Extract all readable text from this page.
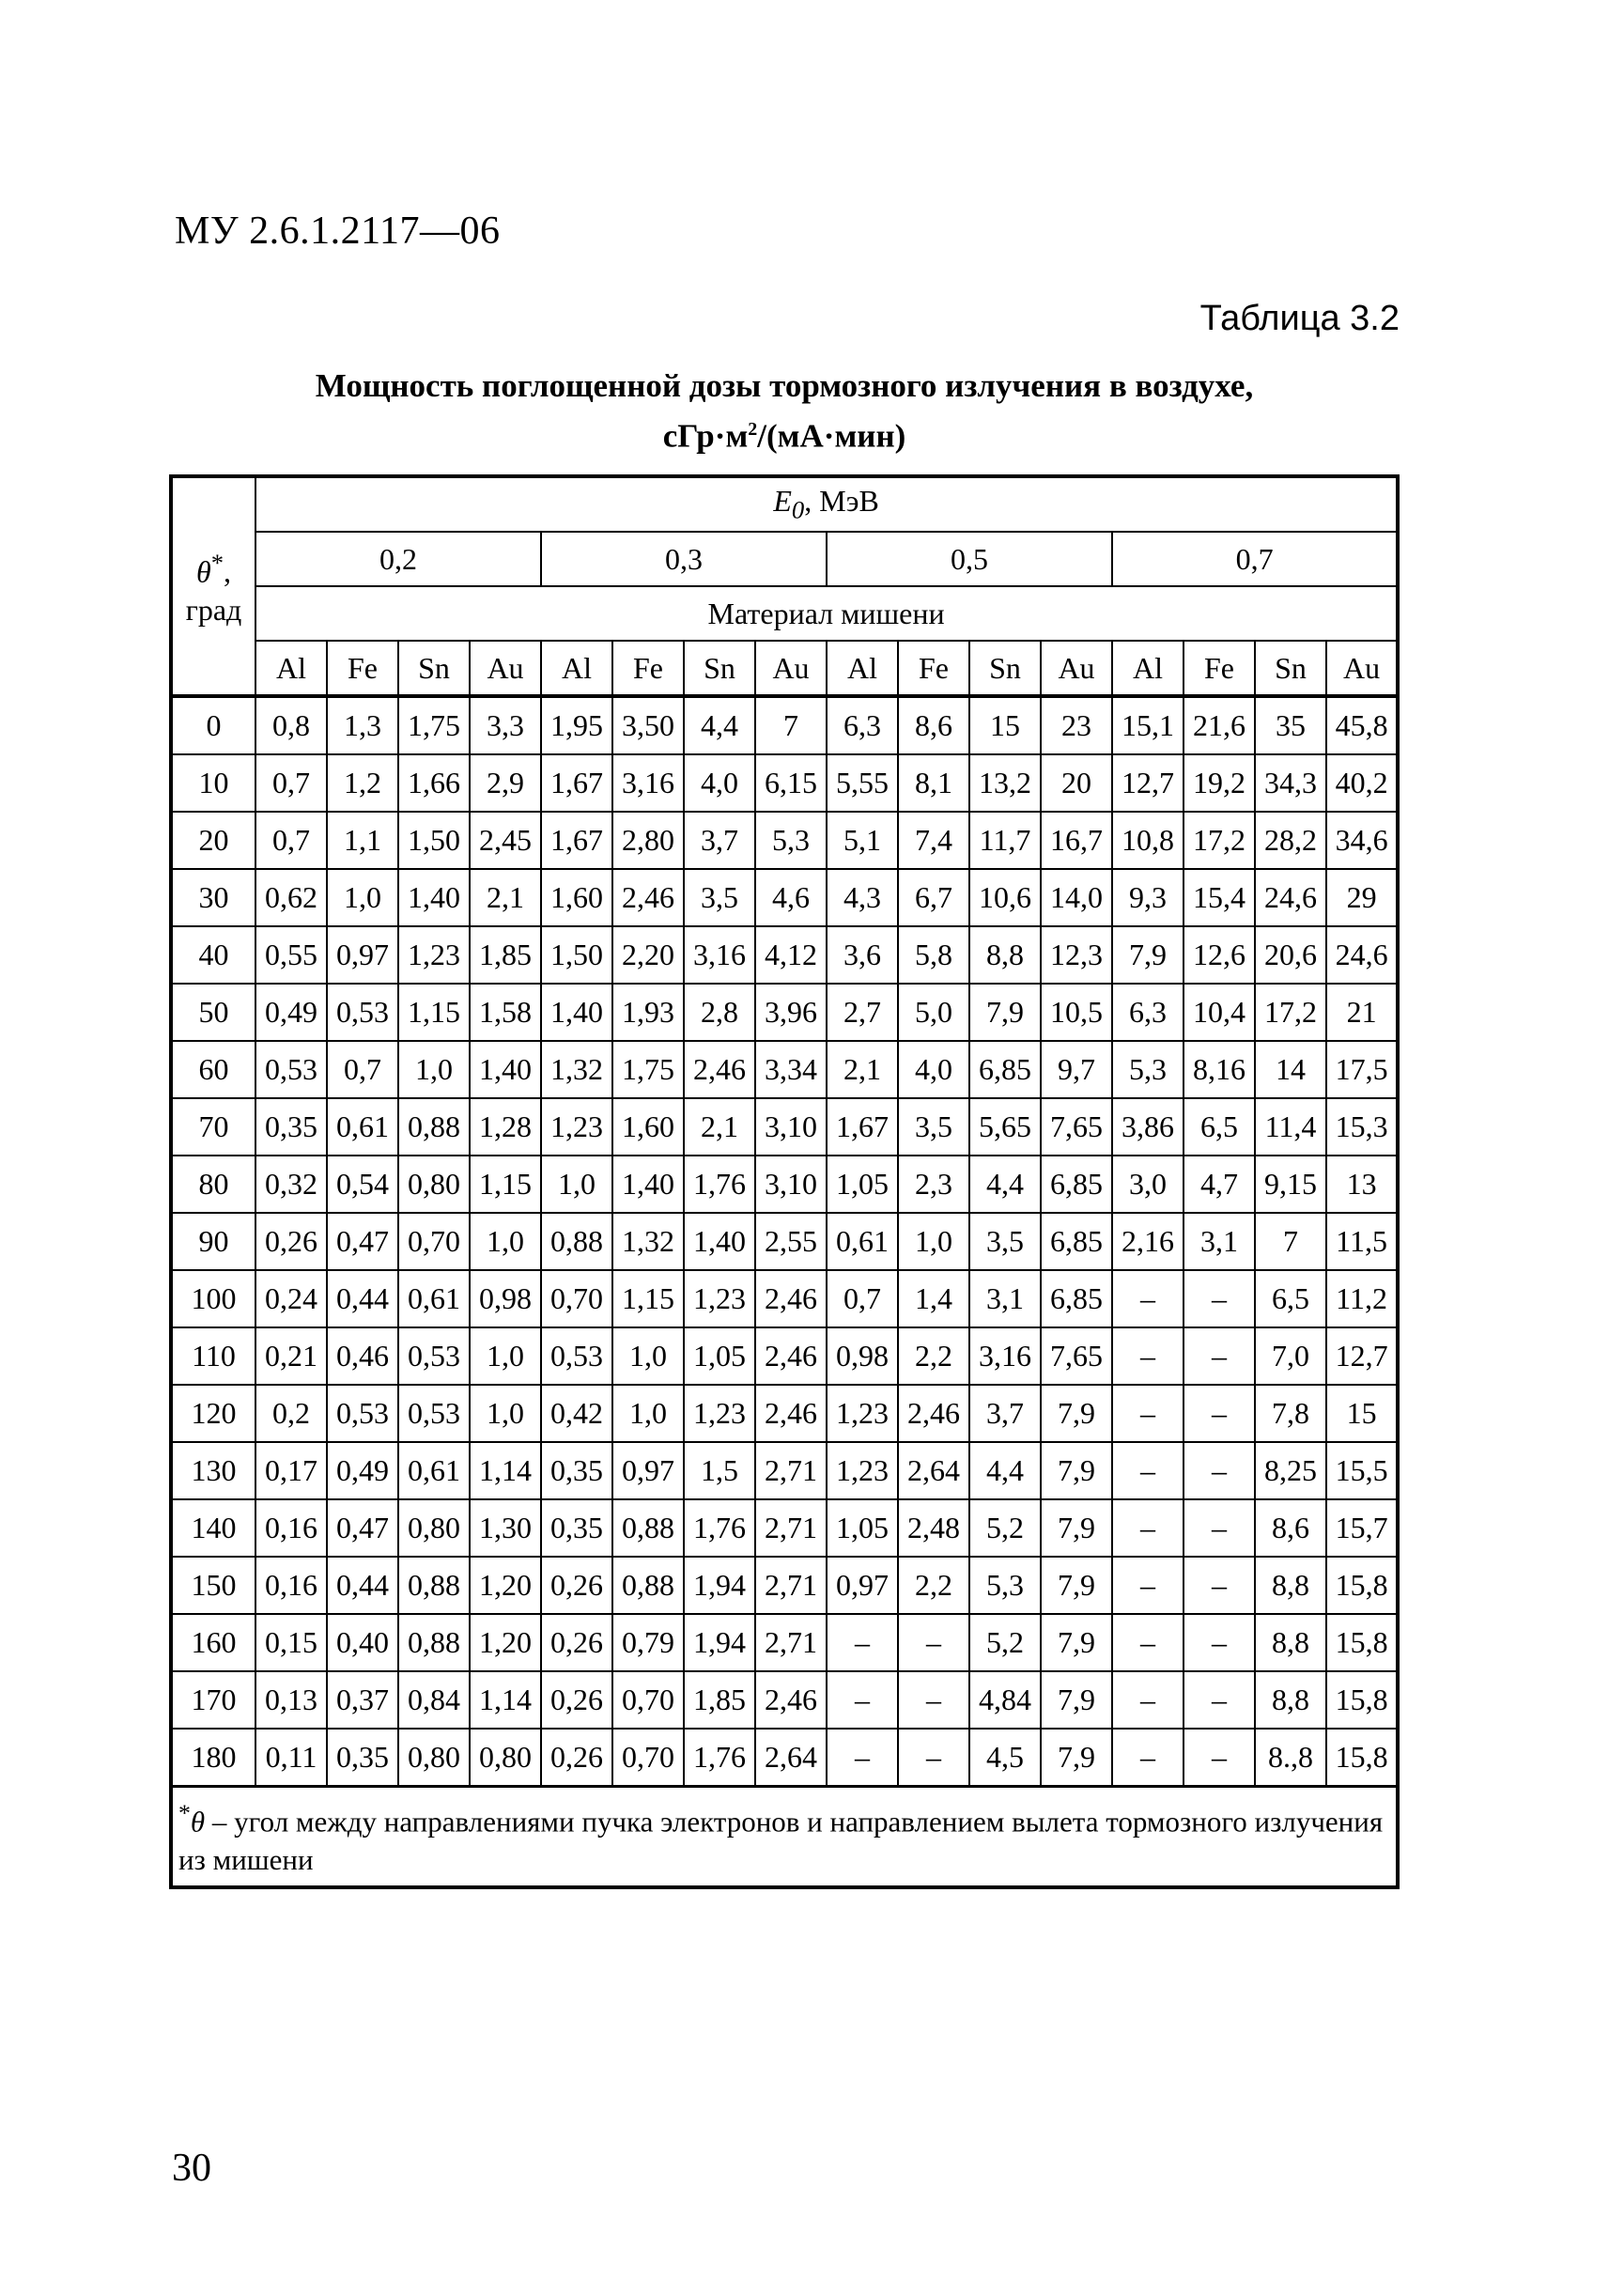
МУ 2.6.1.2117—06
Таблица 3.2
Мощность поглощенной дозы тормозного излучения в воздухе,
$сГр\cdot м^2/(мА\cdot мин)$
θ*,
град	$E_0$, МэВ															
	0,2				0,3				0,5				0,7			
	Материал мишени															
	Al	Fe	Sn	Au	Al	Fe	Sn	Au	Al	Fe	Sn	Au	Al	Fe	Sn	Au
0	0,8	1,3	1,75	3,3	1,95	3,50	4,4	7	6,3	8,6	15	23	15,1	21,6	35	45,8
10	0,7	1,2	1,66	2,9	1,67	3,16	4,0	6,15	5,55	8,1	13,2	20	12,7	19,2	34,3	40,2
20	0,7	1,1	1,50	2,45	1,67	2,80	3,7	5,3	5,1	7,4	11,7	16,7	10,8	17,2	28,2	34,6
30	0,62	1,0	1,40	2,1	1,60	2,46	3,5	4,6	4,3	6,7	10,6	14,0	9,3	15,4	24,6	29
40	0,55	0,97	1,23	1,85	1,50	2,20	3,16	4,12	3,6	5,8	8,8	12,3	7,9	12,6	20,6	24,6
50	0,49	0,53	1,15	1,58	1,40	1,93	2,8	3,96	2,7	5,0	7,9	10,5	6,3	10,4	17,2	21
60	0,53	0,7	1,0	1,40	1,32	1,75	2,46	3,34	2,1	4,0	6,85	9,7	5,3	8,16	14	17,5
70	0,35	0,61	0,88	1,28	1,23	1,60	2,1	3,10	1,67	3,5	5,65	7,65	3,86	6,5	11,4	15,3
80	0,32	0,54	0,80	1,15	1,0	1,40	1,76	3,10	1,05	2,3	4,4	6,85	3,0	4,7	9,15	13
90	0,26	0,47	0,70	1,0	0,88	1,32	1,40	2,55	0,61	1,0	3,5	6,85	2,16	3,1	7	11,5
100	0,24	0,44	0,61	0,98	0,70	1,15	1,23	2,46	0,7	1,4	3,1	6,85	–	–	6,5	11,2
110	0,21	0,46	0,53	1,0	0,53	1,0	1,05	2,46	0,98	2,2	3,16	7,65	–	–	7,0	12,7
120	0,2	0,53	0,53	1,0	0,42	1,0	1,23	2,46	1,23	2,46	3,7	7,9	–	–	7,8	15
130	0,17	0,49	0,61	1,14	0,35	0,97	1,5	2,71	1,23	2,64	4,4	7,9	–	–	8,25	15,5
140	0,16	0,47	0,80	1,30	0,35	0,88	1,76	2,71	1,05	2,48	5,2	7,9	–	–	8,6	15,7
150	0,16	0,44	0,88	1,20	0,26	0,88	1,94	2,71	0,97	2,2	5,3	7,9	–	–	8,8	15,8
160	0,15	0,40	0,88	1,20	0,26	0,79	1,94	2,71	–	–	5,2	7,9	–	–	8,8	15,8
170	0,13	0,37	0,84	1,14	0,26	0,70	1,85	2,46	–	–	4,84	7,9	–	–	8,8	15,8
180	0,11	0,35	0,80	0,80	0,26	0,70	1,76	2,64	–	–	4,5	7,9	–	–	8.,8	15,8
*θ – угол между направлениями пучка электронов и направлением вылета тормозного излучения из мишени																
30
